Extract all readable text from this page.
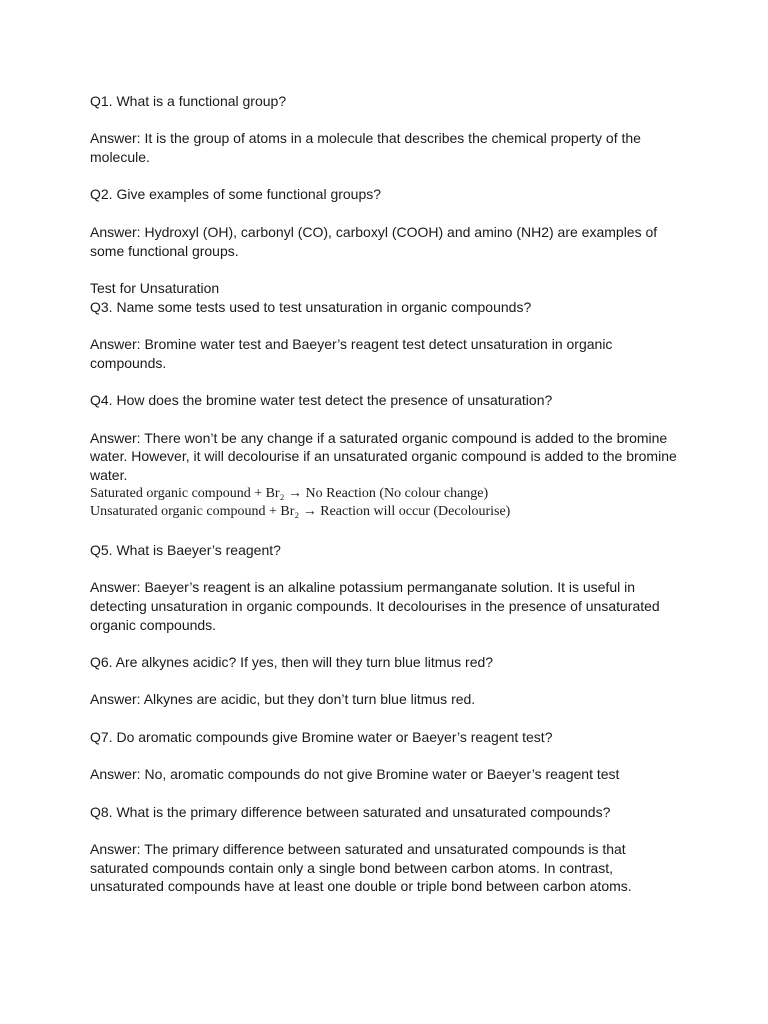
Q1. What is a functional group?

Answer: It is the group of atoms in a molecule that describes the chemical property of the molecule.

Q2. Give examples of some functional groups?

Answer: Hydroxyl (OH), carbonyl (CO), carboxyl (COOH) and amino (NH2) are examples of some functional groups.

Test for Unsaturation

Q3. Name some tests used to test unsaturation in organic compounds?

Answer: Bromine water test and Baeyer’s reagent test detect unsaturation in organic compounds.

Q4. How does the bromine water test detect the presence of unsaturation?

Answer: There won’t be any change if a saturated organic compound is added to the bromine water. However, it will decolourise if an unsaturated organic compound is added to the bromine water.

Saturated organic compound + Br₂ → No Reaction (No colour change)

Unsaturated organic compound + Br₂ → Reaction will occur (Decolourise)

Q5. What is Baeyer’s reagent?

Answer: Baeyer’s reagent is an alkaline potassium permanganate solution. It is useful in detecting unsaturation in organic compounds. It decolourises in the presence of unsaturated organic compounds.

Q6. Are alkynes acidic? If yes, then will they turn blue litmus red?

Answer: Alkynes are acidic, but they don’t turn blue litmus red.

Q7. Do aromatic compounds give Bromine water or Baeyer’s reagent test?

Answer: No, aromatic compounds do not give Bromine water or Baeyer’s reagent test

Q8. What is the primary difference between saturated and unsaturated compounds?

Answer: The primary difference between saturated and unsaturated compounds is that saturated compounds contain only a single bond between carbon atoms. In contrast, unsaturated compounds have at least one double or triple bond between carbon atoms.
